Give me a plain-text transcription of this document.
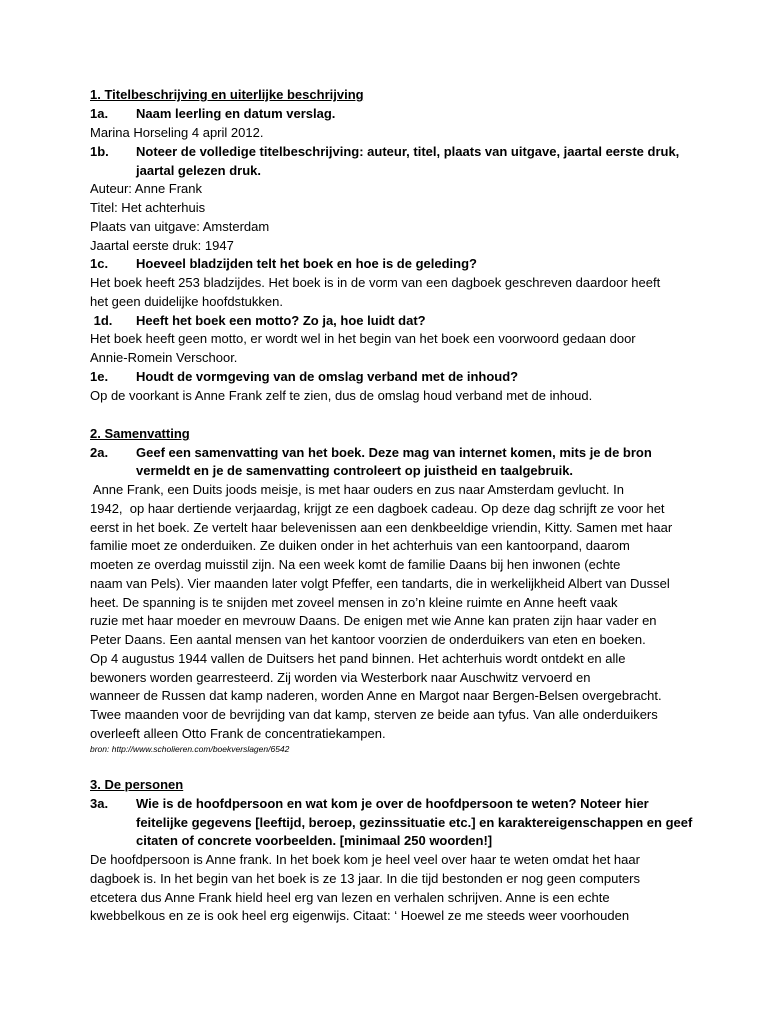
1. Titelbeschrijving en uiterlijke beschrijving
1a. Naam leerling en datum verslag.
Marina Horseling 4 april 2012.
1b. Noteer de volledige titelbeschrijving: auteur, titel, plaats van uitgave, jaartal eerste druk,
jaartal gelezen druk.
Auteur: Anne Frank
Titel: Het achterhuis
Plaats van uitgave: Amsterdam
Jaartal eerste druk: 1947
1c. Hoeveel bladzijden telt het boek en hoe is de geleding?
Het boek heeft 253 bladzijdes. Het boek is in de vorm van een dagboek geschreven daardoor heeft
het geen duidelijke hoofdstukken.
1d. Heeft het boek een motto? Zo ja, hoe luidt dat?
Het boek heeft geen motto, er wordt wel in het begin van het boek een voorwoord gedaan door
Annie-Romein Verschoor.
1e. Houdt de vormgeving van de omslag verband met de inhoud?
Op de voorkant is Anne Frank zelf te zien, dus de omslag houd verband met de inhoud.
2. Samenvatting
2a. Geef een samenvatting van het boek. Deze mag van internet komen, mits je de bron
vermeldt en je de samenvatting controleert op juistheid en taalgebruik.
Anne Frank, een Duits joods meisje, is met haar ouders en zus naar Amsterdam gevlucht. In
1942,  op haar dertiende verjaardag, krijgt ze een dagboek cadeau. Op deze dag schrijft ze voor het
eerst in het boek. Ze vertelt haar belevenissen aan een denkbeeldige vriendin, Kitty. Samen met haar
familie moet ze onderduiken. Ze duiken onder in het achterhuis van een kantoorpand, daarom
moeten ze overdag muisstil zijn. Na een week komt de familie Daans bij hen inwonen (echte
naam van Pels). Vier maanden later volgt Pfeffer, een tandarts, die in werkelijkheid Albert van Dussel
heet. De spanning is te snijden met zoveel mensen in zo’n kleine ruimte en Anne heeft vaak
ruzie met haar moeder en mevrouw Daans. De enigen met wie Anne kan praten zijn haar vader en
Peter Daans. Een aantal mensen van het kantoor voorzien de onderduikers van eten en boeken.
Op 4 augustus 1944 vallen de Duitsers het pand binnen. Het achterhuis wordt ontdekt en alle
bewoners worden gearresteerd. Zij worden via Westerbork naar Auschwitz vervoerd en
wanneer de Russen dat kamp naderen, worden Anne en Margot naar Bergen-Belsen overgebracht.
Twee maanden voor de bevrijding van dat kamp, sterven ze beide aan tyfus. Van alle onderduikers
overleeft alleen Otto Frank de concentratiekampen.
bron: http://www.scholieren.com/boekverslagen/6542
3. De personen
3a. Wie is de hoofdpersoon en wat kom je over de hoofdpersoon te weten? Noteer hier
feitelijke gegevens [leeftijd, beroep, gezinssituatie etc.] en karaktereigenschappen en geef
citaten of concrete voorbeelden. [minimaal 250 woorden!]
De hoofdpersoon is Anne frank. In het boek kom je heel veel over haar te weten omdat het haar
dagboek is. In het begin van het boek is ze 13 jaar. In die tijd bestonden er nog geen computers
etcetera dus Anne Frank hield heel erg van lezen en verhalen schrijven. Anne is een echte
kwebbelkous en ze is ook heel erg eigenwijs. Citaat: ‘ Hoewel ze me steeds weer voorhouden
